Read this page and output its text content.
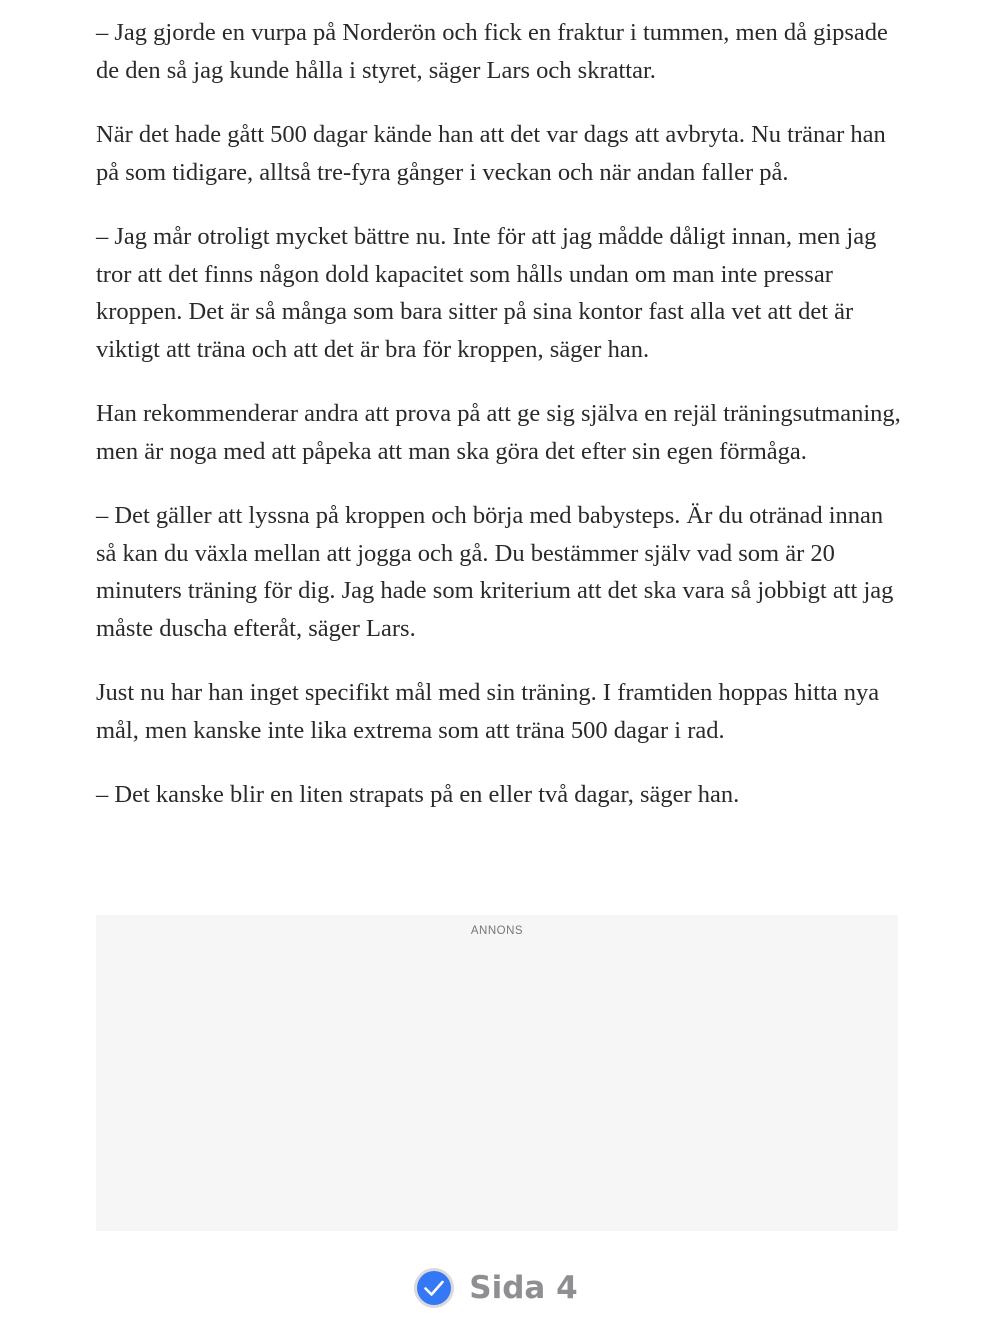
– Jag gjorde en vurpa på Norderön och fick en fraktur i tummen, men då gipsade de den så jag kunde hålla i styret, säger Lars och skrattar.

När det hade gått 500 dagar kände han att det var dags att avbryta. Nu tränar han på som tidigare, alltså tre-fyra gånger i veckan och när andan faller på.

– Jag mår otroligt mycket bättre nu. Inte för att jag mådde dåligt innan, men jag tror att det finns någon dold kapacitet som hålls undan om man inte pressar kroppen. Det är så många som bara sitter på sina kontor fast alla vet att det är viktigt att träna och att det är bra för kroppen, säger han.

Han rekommenderar andra att prova på att ge sig själva en rejäl träningsutmaning, men är noga med att påpeka att man ska göra det efter sin egen förmåga.

– Det gäller att lyssna på kroppen och börja med babysteps. Är du otränad innan så kan du växla mellan att jogga och gå. Du bestämmer själv vad som är 20 minuters träning för dig. Jag hade som kriterium att det ska vara så jobbigt att jag måste duscha efteråt, säger Lars.

Just nu har han inget specifikt mål med sin träning. I framtiden hoppas hitta nya mål, men kanske inte lika extrema som att träna 500 dagar i rad.

– Det kanske blir en liten strapats på en eller två dagar, säger han.

ANNONS
Sida 4
